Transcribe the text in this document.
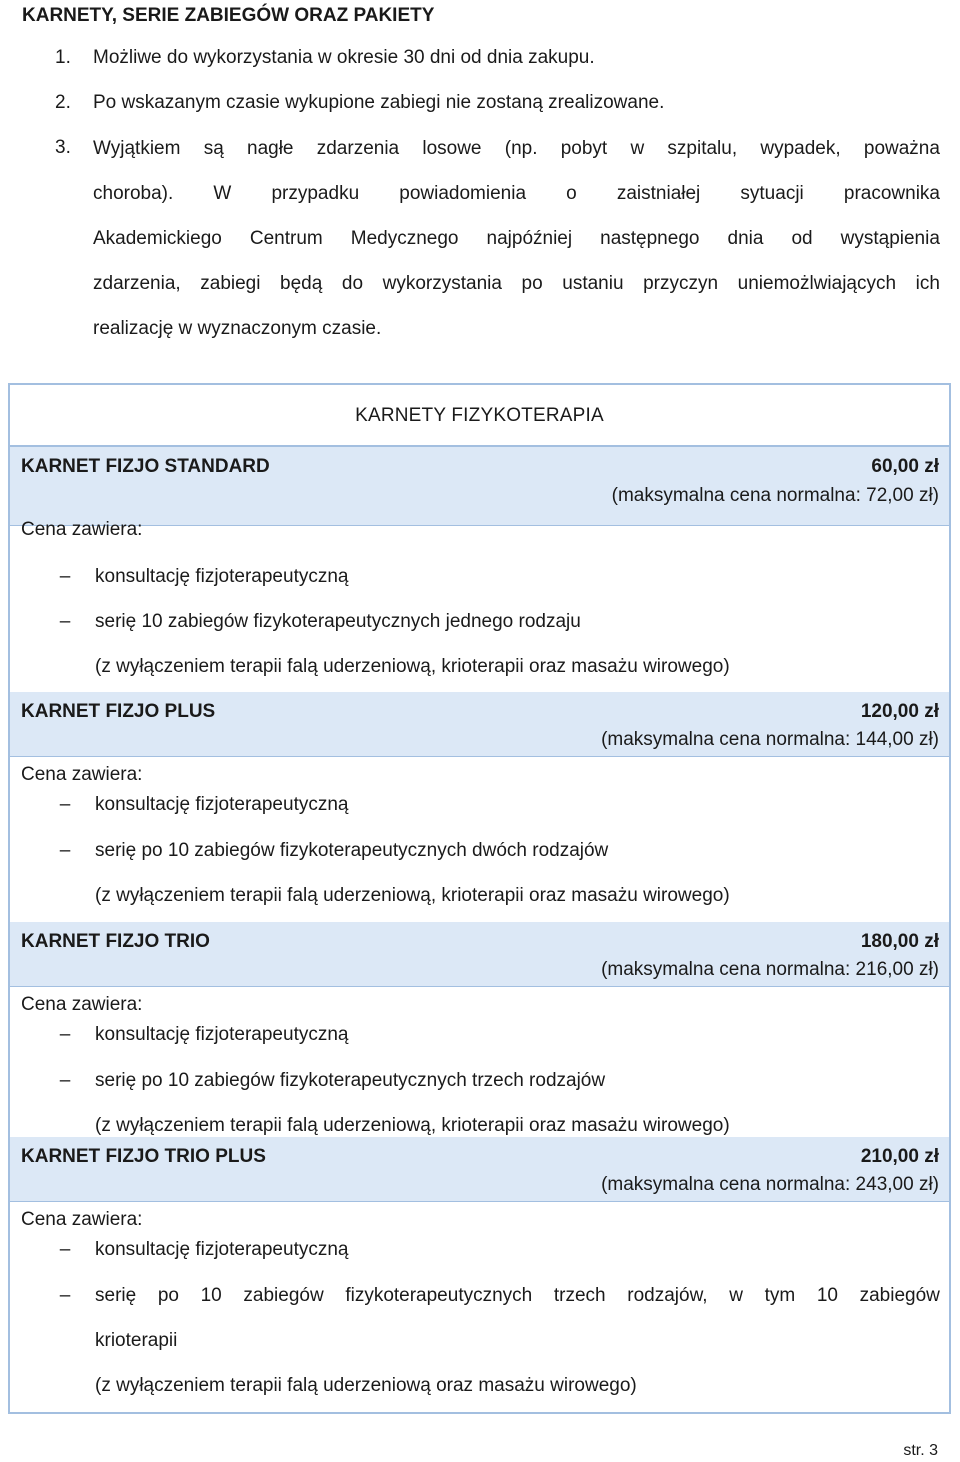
KARNETY, SERIE ZABIEGÓW ORAZ PAKIETY
1.	Możliwe do wykorzystania w okresie 30 dni od dnia zakupu.
2.	Po wskazanym czasie wykupione zabiegi nie zostaną zrealizowane.
3.	Wyjątkiem są nagłe zdarzenia losowe (np. pobyt w szpitalu, wypadek, poważna
choroba). W przypadku powiadomienia o zaistniałej sytuacji pracownika
Akademickiego Centrum Medycznego najpóźniej następnego dnia od wystąpienia
zdarzenia, zabiegi będą do wykorzystania po ustaniu przyczyn uniemożlwiających ich
realizację w wyznaczonym czasie.
KARNETY FIZYKOTERAPIA
KARNET FIZJO STANDARD	60,00 zł
(maksymalna cena normalna: 72,00 zł)
Cena zawiera:
– konsultację fizjoterapeutyczną
– serię 10 zabiegów fizykoterapeutycznych jednego rodzaju
(z wyłączeniem terapii falą uderzeniową, krioterapii oraz masażu wirowego)
KARNET FIZJO PLUS	120,00 zł
(maksymalna cena normalna: 144,00 zł)
Cena zawiera:
– konsultację fizjoterapeutyczną
– serię po 10 zabiegów fizykoterapeutycznych dwóch rodzajów
(z wyłączeniem terapii falą uderzeniową, krioterapii oraz masażu wirowego)
KARNET FIZJO TRIO	180,00 zł
(maksymalna cena normalna: 216,00 zł)
Cena zawiera:
– konsultację fizjoterapeutyczną
– serię po 10 zabiegów fizykoterapeutycznych trzech rodzajów
(z wyłączeniem terapii falą uderzeniową, krioterapii oraz masażu wirowego)
KARNET FIZJO TRIO PLUS	210,00 zł
(maksymalna cena normalna: 243,00 zł)
Cena zawiera:
– konsultację fizjoterapeutyczną
– serię po 10 zabiegów fizykoterapeutycznych trzech rodzajów, w tym 10 zabiegów
krioterapii
(z wyłączeniem terapii falą uderzeniową oraz masażu wirowego)
str. 3
